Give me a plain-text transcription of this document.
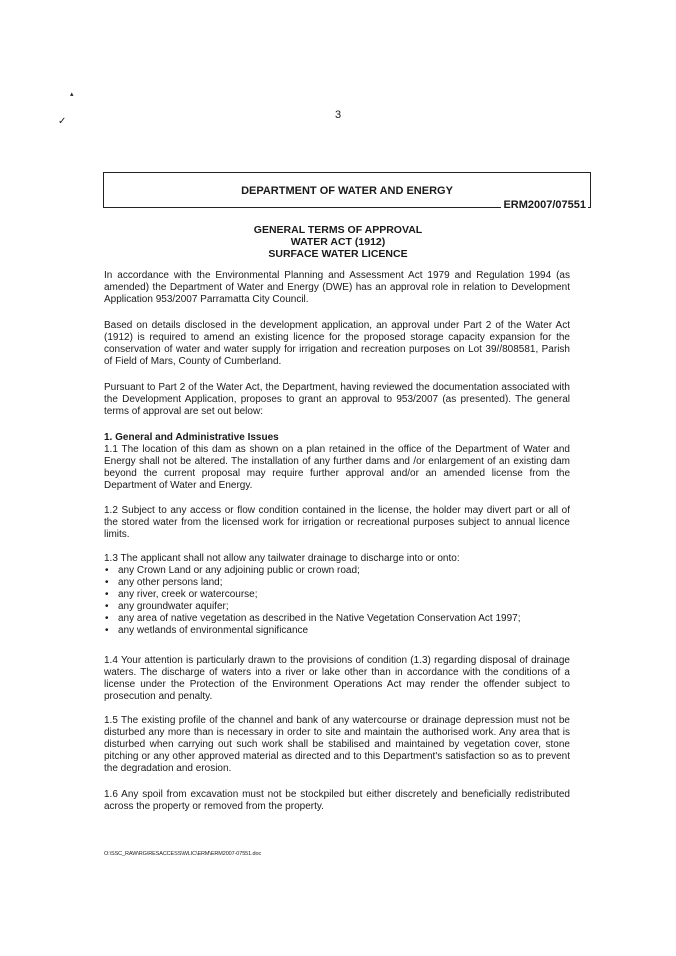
▴
✓
3
DEPARTMENT OF WATER AND ENERGY
ERM2007/07551
GENERAL TERMS OF APPROVAL
WATER ACT (1912)
SURFACE WATER LICENCE

In accordance with the Environmental Planning and Assessment Act 1979 and Regulation 1994 (as amended) the Department of Water and Energy (DWE) has an approval role in relation to Development Application 953/2007 Parramatta City Council.

Based on details disclosed in the development application, an approval under Part 2 of the Water Act (1912) is required to amend an existing licence for the proposed storage capacity expansion for the conservation of water and water supply for irrigation and recreation purposes on Lot 39//808581, Parish of Field of Mars, County of Cumberland.

Pursuant to Part 2 of the Water Act, the Department, having reviewed the documentation associated with the Development Application, proposes to grant an approval to 953/2007 (as presented). The general terms of approval are set out below:

1. General and Administrative Issues

1.1 The location of this dam as shown on a plan retained in the office of the Department of Water and Energy shall not be altered. The installation of any further dams and /or enlargement of an existing dam beyond the current proposal may require further approval and/or an amended license from the Department of Water and Energy.

1.2 Subject to any access or flow condition contained in the license, the holder may divert part or all of the stored water from the licensed work for irrigation or recreational purposes subject to annual licence limits.

1.3 The applicant shall not allow any tailwater drainage to discharge into or onto:

• any Crown Land or any adjoining public or crown road;
• any other persons land;
• any river, creek or watercourse;
• any groundwater aquifer;
• any area of native vegetation as described in the Native Vegetation Conservation Act 1997;
• any wetlands of environmental significance

1.4 Your attention is particularly drawn to the provisions of condition (1.3) regarding disposal of drainage waters. The discharge of waters into a river or lake other than in accordance with the conditions of a license under the Protection of the Environment Operations Act may render the offender subject to prosecution and penalty.

1.5 The existing profile of the channel and bank of any watercourse or drainage depression must not be disturbed any more than is necessary in order to site and maintain the authorised work. Any area that is disturbed when carrying out such work shall be stabilised and maintained by vegetation cover, stone pitching or any other approved material as directed and to this Department's satisfaction so as to prevent the degradation and erosion.

1.6 Any spoil from excavation must not be stockpiled but either discretely and beneficially redistributed across the property or removed from the property.

O:\SSC_RAW\RG\RESACCESS\WLIC\ERM\ERM2007-07551.doc
